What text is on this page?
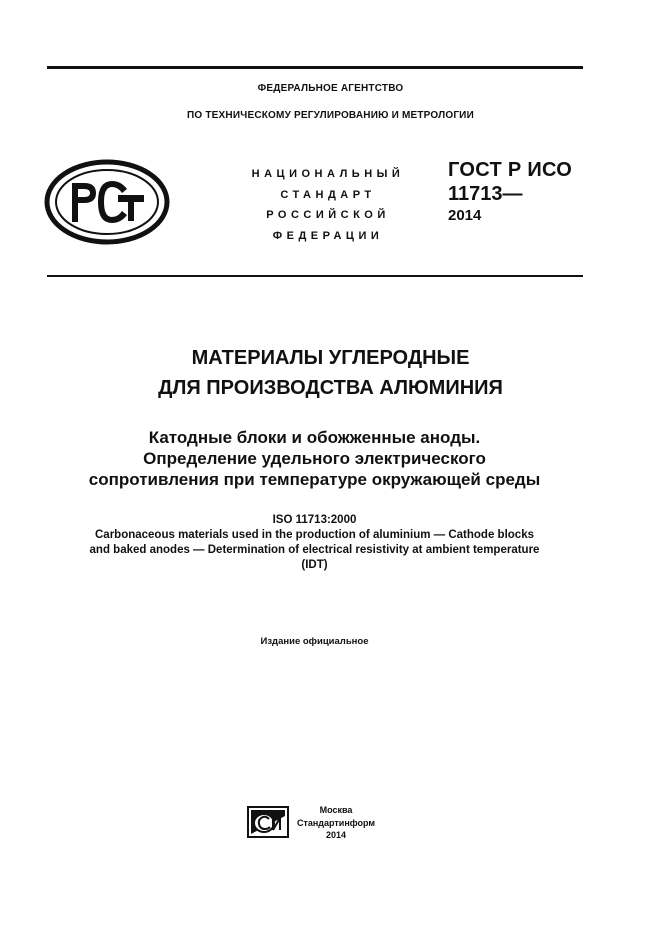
ФЕДЕРАЛЬНОЕ АГЕНТСТВО
ПО ТЕХНИЧЕСКОМУ РЕГУЛИРОВАНИЮ И МЕТРОЛОГИИ
НАЦИОНАЛЬНЫЙ
СТАНДАРТ
РОССИЙСКОЙ
ФЕДЕРАЦИИ
ГОСТ Р ИСО
11713—
2014
МАТЕРИАЛЫ УГЛЕРОДНЫЕ
ДЛЯ ПРОИЗВОДСТВА АЛЮМИНИЯ
Катодные блоки и обожженные аноды.
Определение удельного электрического
сопротивления при температуре окружающей среды
ISO 11713:2000
Carbonaceous materials used in the production of aluminium — Cathode blocks
and baked anodes — Determination of electrical resistivity at ambient temperature
(IDT)
Издание официальное
Москва
Стандартинформ
2014
